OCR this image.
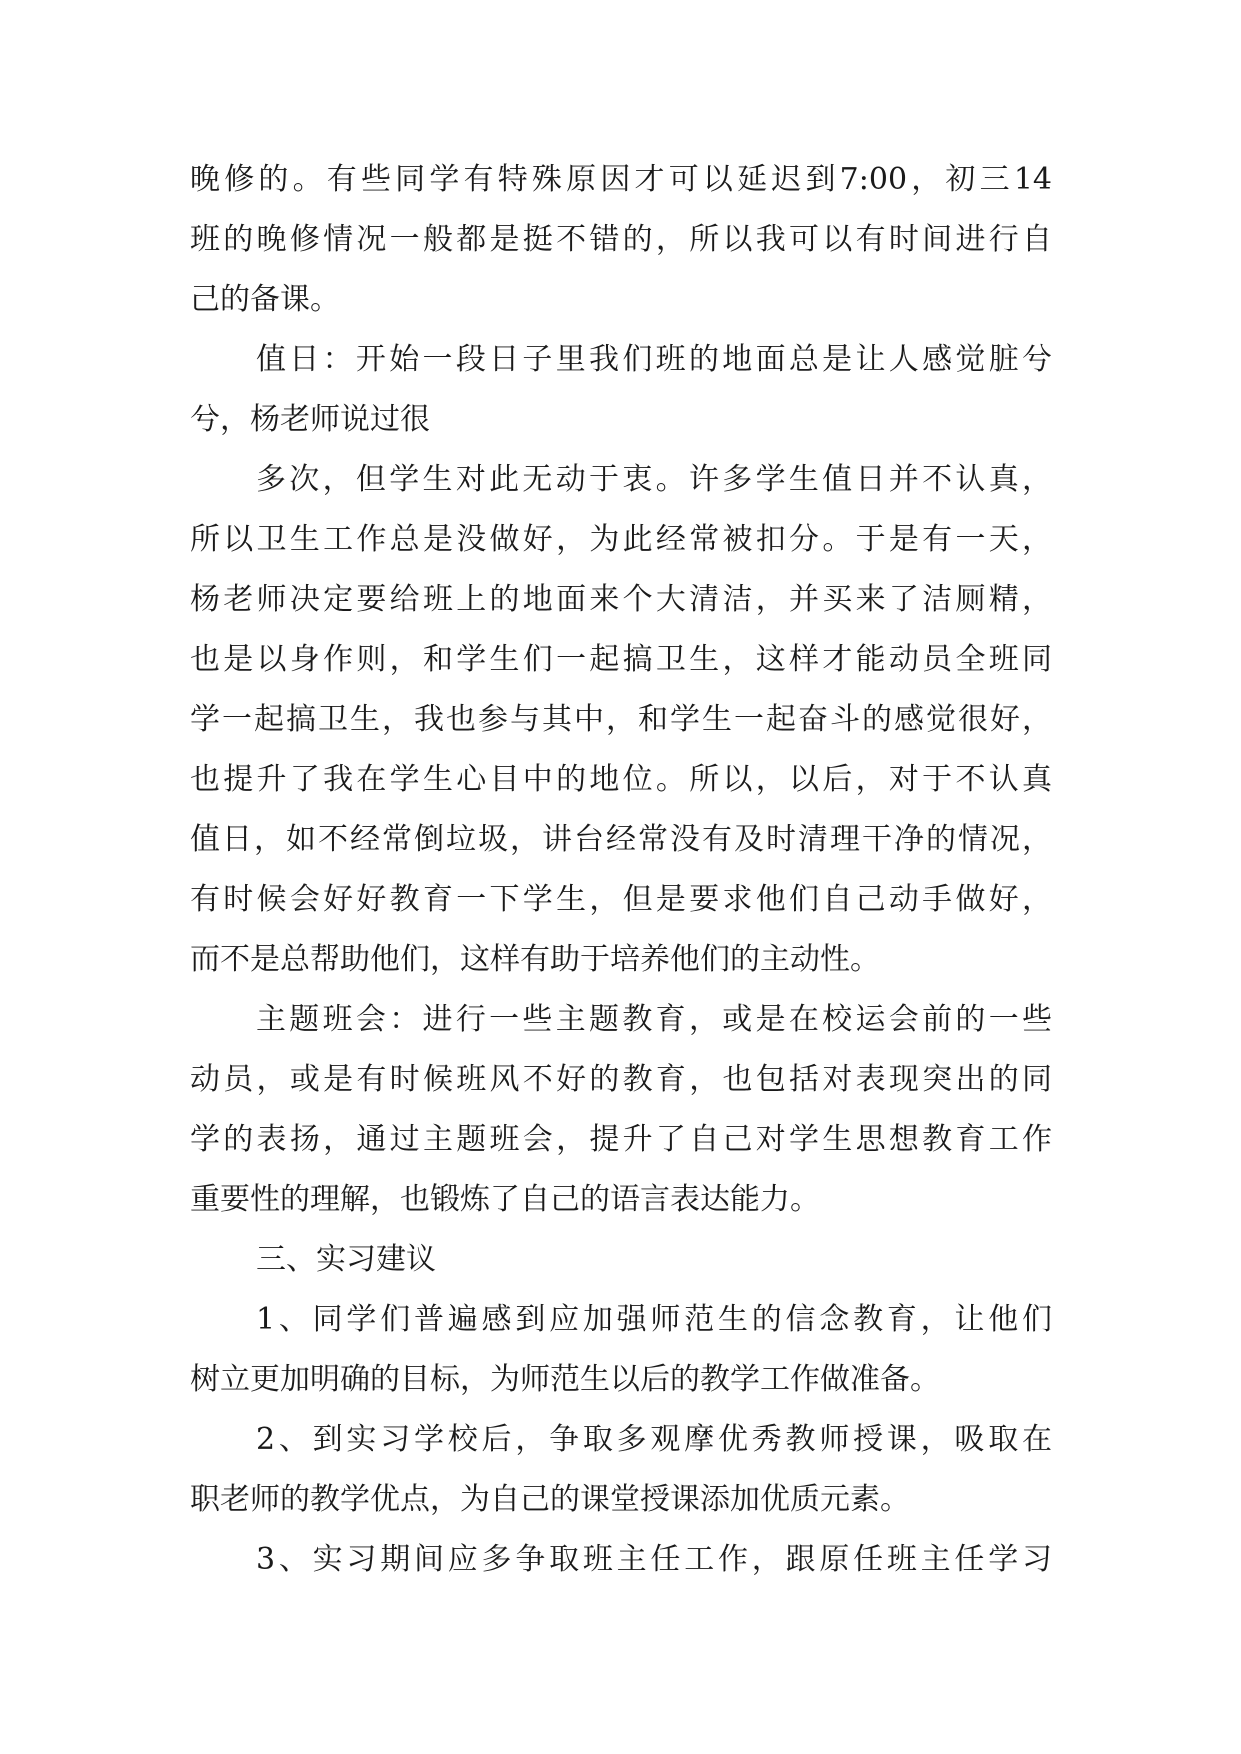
晚修的。有些同学有特殊原因才可以延迟到7:00，初三14
班的晚修情况一般都是挺不错的，所以我可以有时间进行自
己的备课。
值日：开始一段日子里我们班的地面总是让人感觉脏兮
兮，杨老师说过很
多次，但学生对此无动于衷。许多学生值日并不认真，
所以卫生工作总是没做好，为此经常被扣分。于是有一天，
杨老师决定要给班上的地面来个大清洁，并买来了洁厕精，
也是以身作则，和学生们一起搞卫生，这样才能动员全班同
学一起搞卫生，我也参与其中，和学生一起奋斗的感觉很好，
也提升了我在学生心目中的地位。所以，以后，对于不认真
值日，如不经常倒垃圾，讲台经常没有及时清理干净的情况，
有时候会好好教育一下学生，但是要求他们自己动手做好，
而不是总帮助他们，这样有助于培养他们的主动性。
主题班会：进行一些主题教育，或是在校运会前的一些
动员，或是有时候班风不好的教育，也包括对表现突出的同
学的表扬，通过主题班会，提升了自己对学生思想教育工作
重要性的理解，也锻炼了自己的语言表达能力。
三、实习建议
1、同学们普遍感到应加强师范生的信念教育，让他们
树立更加明确的目标，为师范生以后的教学工作做准备。
2、到实习学校后，争取多观摩优秀教师授课，吸取在
职老师的教学优点，为自己的课堂授课添加优质元素。
3、实习期间应多争取班主任工作，跟原任班主任学习
